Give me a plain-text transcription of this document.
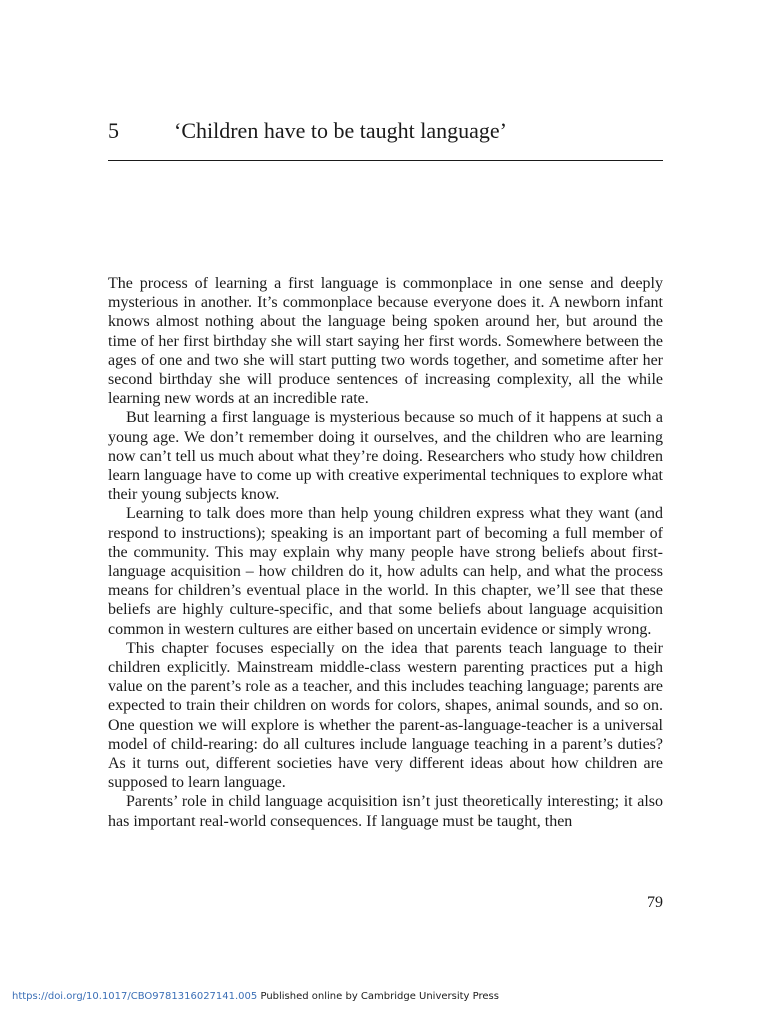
5	‘Children have to be taught language’

The process of learning a first language is commonplace in one sense and deeply mysterious in another. It’s commonplace because everyone does it. A newborn infant knows almost nothing about the language being spoken around her, but around the time of her first birthday she will start saying her first words. Somewhere between the ages of one and two she will start putting two words together, and sometime after her second birthday she will produce sentences of increasing complexity, all the while learning new words at an incredible rate.

But learning a first language is mysterious because so much of it happens at such a young age. We don’t remember doing it ourselves, and the children who are learning now can’t tell us much about what they’re doing. Researchers who study how children learn language have to come up with creative experimental techniques to explore what their young subjects know.

Learning to talk does more than help young children express what they want (and respond to instructions); speaking is an important part of becoming a full member of the community. This may explain why many people have strong beliefs about first-language acquisition – how children do it, how adults can help, and what the process means for children’s eventual place in the world. In this chapter, we’ll see that these beliefs are highly culture-specific, and that some beliefs about language acquisition common in western cultures are either based on uncertain evidence or simply wrong.

This chapter focuses especially on the idea that parents teach language to their children explicitly. Mainstream middle-class western parenting practices put a high value on the parent’s role as a teacher, and this includes teaching language; parents are expected to train their children on words for colors, shapes, animal sounds, and so on. One question we will explore is whether the parent-as-language-teacher is a universal model of child-rearing: do all cultures include language teaching in a parent’s duties? As it turns out, different societies have very different ideas about how children are supposed to learn language.

Parents’ role in child language acquisition isn’t just theoretically interesting; it also has important real-world consequences. If language must be taught, then

79
https://doi.org/10.1017/CBO9781316027141.005 Published online by Cambridge University Press
